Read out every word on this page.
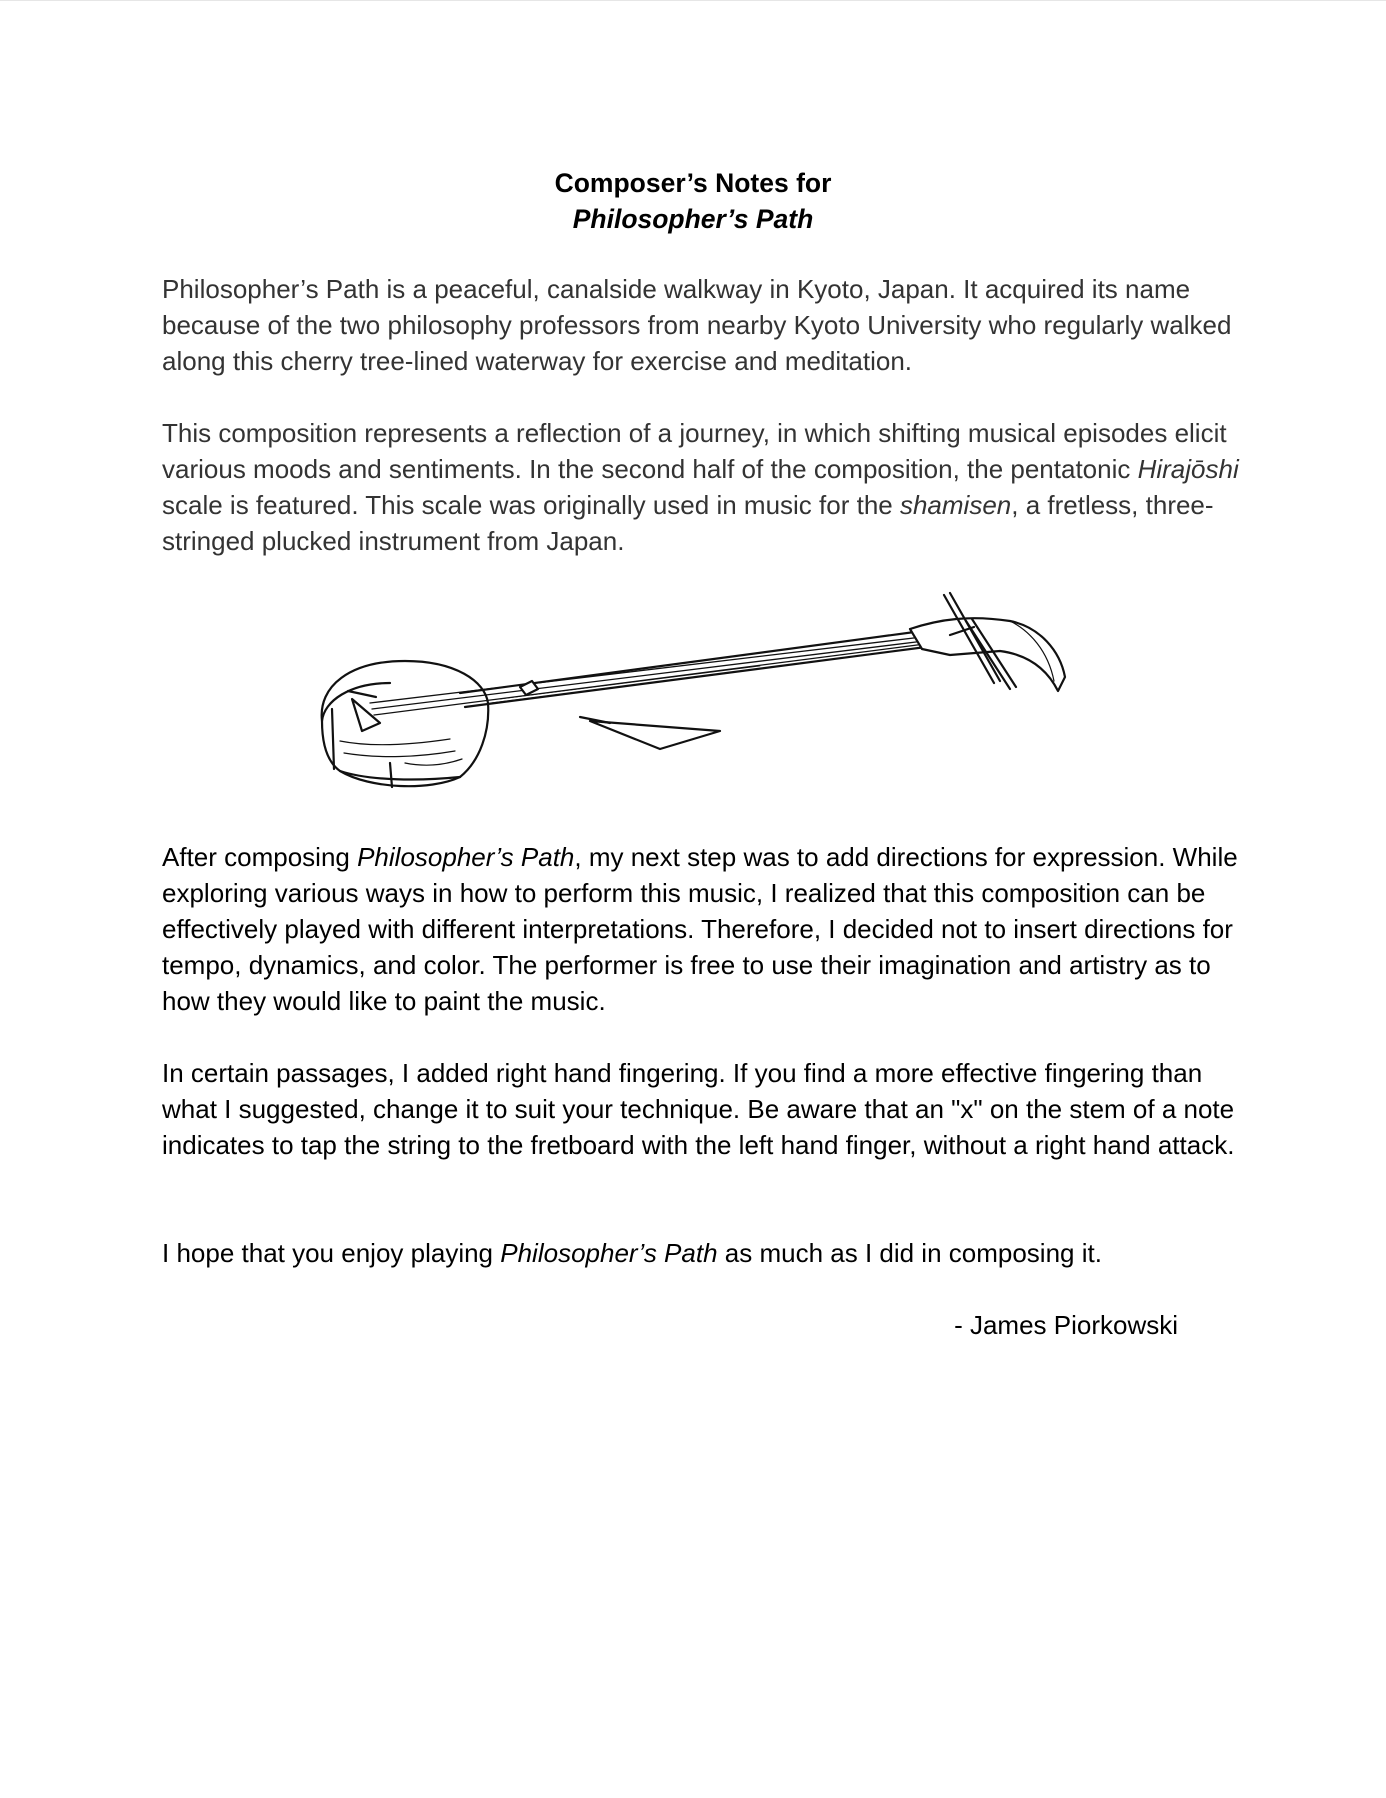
Composer’s Notes for
Philosopher’s Path

Philosopher’s Path is a peaceful, canalside walkway in Kyoto, Japan. It acquired its name because of the two philosophy professors from nearby Kyoto University who regularly walked along this cherry tree-lined waterway for exercise and meditation.

This composition represents a reflection of a journey, in which shifting musical episodes elicit various moods and sentiments. In the second half of the composition, the pentatonic Hirajōshi scale is featured. This scale was originally used in music for the shamisen, a fretless, three-stringed plucked instrument from Japan.

After composing Philosopher’s Path, my next step was to add directions for expression. While exploring various ways in how to perform this music, I realized that this composition can be effectively played with different interpretations. Therefore, I decided not to insert directions for tempo, dynamics, and color. The performer is free to use their imagination and artistry as to how they would like to paint the music.

In certain passages, I added right hand fingering. If you find a more effective fingering than what I suggested, change it to suit your technique. Be aware that an "x" on the stem of a note indicates to tap the string to the fretboard with the left hand finger, without a right hand attack.

I hope that you enjoy playing Philosopher’s Path as much as I did in composing it.

- James Piorkowski
